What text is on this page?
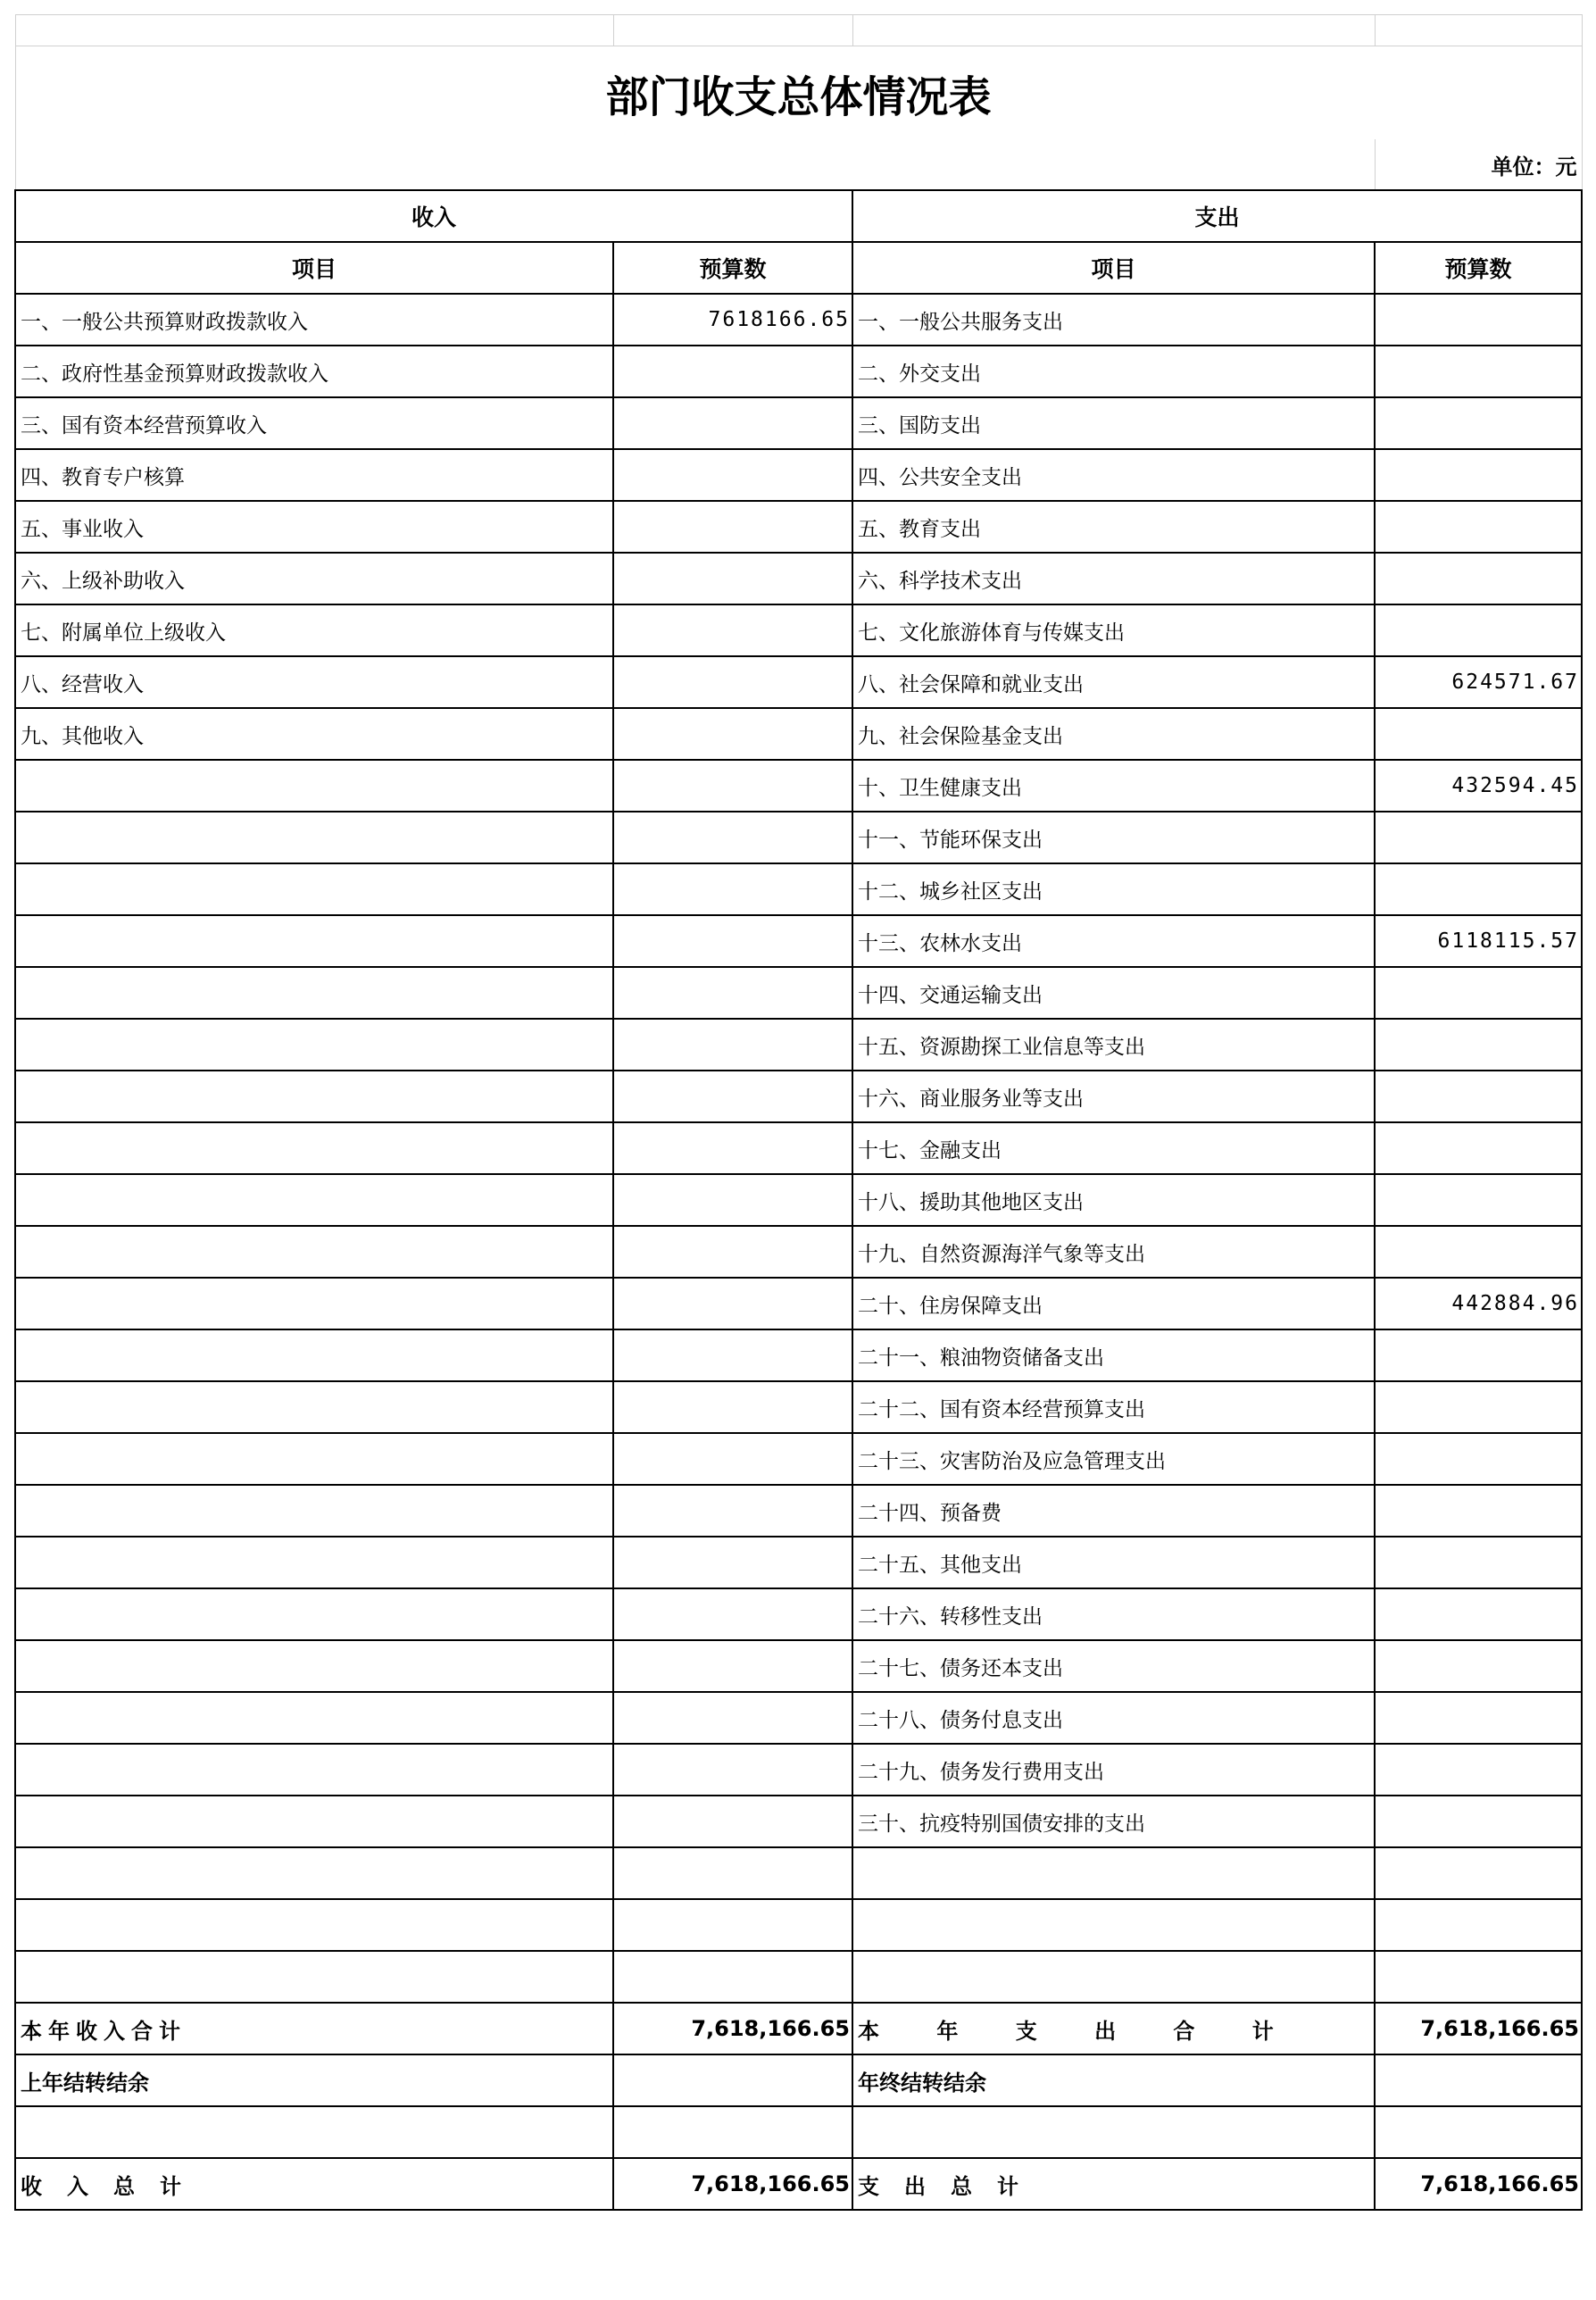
部门收支总体情况表			
			单位：元
收入		支出	
项目	预算数	项目	预算数
一、一般公共预算财政拨款收入	7618166.65	一、一般公共服务支出	
二、政府性基金预算财政拨款收入		二、外交支出	
三、国有资本经营预算收入		三、国防支出	
四、教育专户核算		四、公共安全支出	
五、事业收入		五、教育支出	
六、上级补助收入		六、科学技术支出	
七、附属单位上级收入		七、文化旅游体育与传媒支出	
八、经营收入		八、社会保障和就业支出	624571.67
九、其他收入		九、社会保险基金支出	
		十、卫生健康支出	432594.45
		十一、节能环保支出	
		十二、城乡社区支出	
		十三、农林水支出	6118115.57
		十四、交通运输支出	
		十五、资源勘探工业信息等支出	
		十六、商业服务业等支出	
		十七、金融支出	
		十八、援助其他地区支出	
		十九、自然资源海洋气象等支出	
		二十、住房保障支出	442884.96
		二十一、粮油物资储备支出	
		二十二、国有资本经营预算支出	
		二十三、灾害防治及应急管理支出	
		二十四、预备费	
		二十五、其他支出	
		二十六、转移性支出	
		二十七、债务还本支出	
		二十八、债务付息支出	
		二十九、债务发行费用支出	
		三十、抗疫特别国债安排的支出	

本年收入合计	7,618,166.65	本 年 支 出 合 计	7,618,166.65
上年结转结余		年终结转结余	

收入总计	7,618,166.65	支出总计	7,618,166.65
